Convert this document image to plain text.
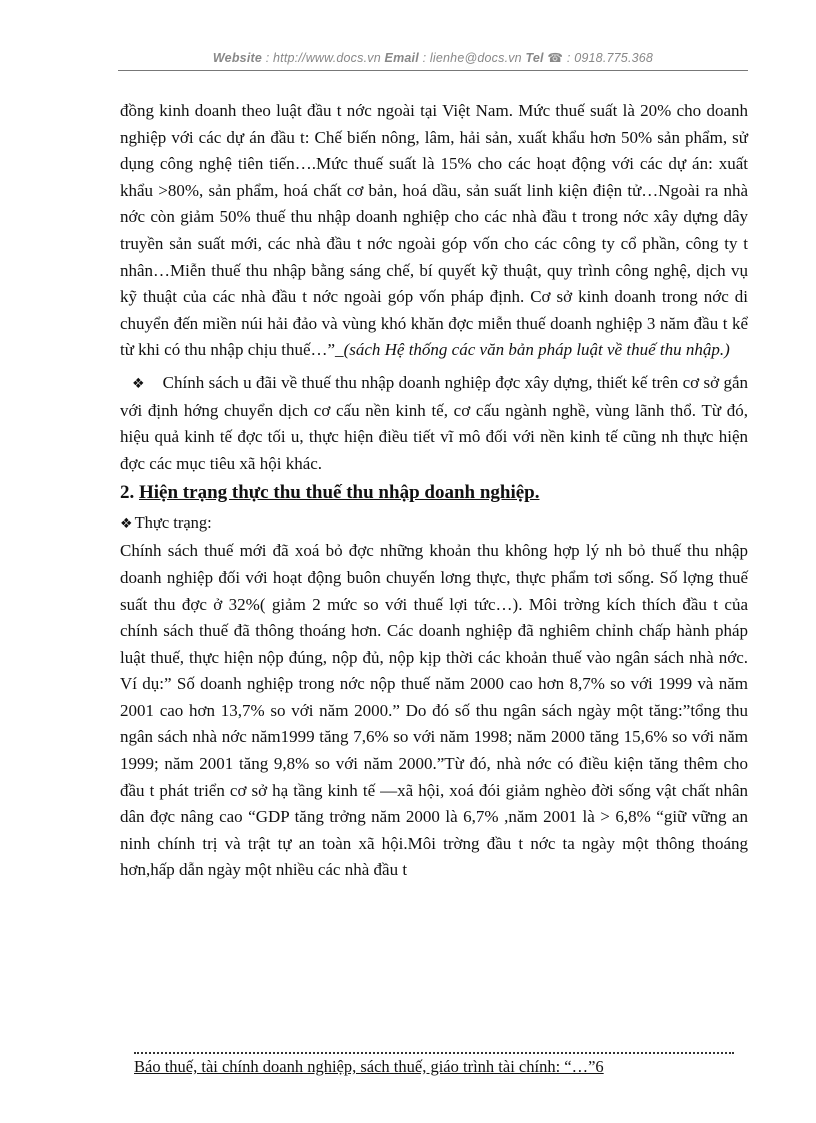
Website : http://www.docs.vn Email : lienhe@docs.vn Tel ☎ : 0918.775.368

đồng kinh doanh theo luật đầu t nớc ngoài tại Việt Nam. Mức thuế suất là 20% cho doanh nghiệp với các dự án đầu t: Chế biến nông, lâm, hải sản, xuất khẩu hơn 50% sản phẩm, sử dụng công nghệ tiên tiến….Mức thuế suất là 15% cho các hoạt động với các dự án: xuất khẩu >80%, sản phẩm, hoá chất cơ bản, hoá dầu, sản suất linh kiện điện tử…Ngoài ra nhà nớc còn giảm 50% thuế thu nhập doanh nghiệp cho các nhà đầu t trong nớc xây dựng dây truyền sản suất mới, các nhà đầu t nớc ngoài góp vốn cho các công ty cổ phần, công ty t nhân…Miễn thuế thu nhập bằng sáng chế, bí quyết kỹ thuật, quy trình công nghệ, dịch vụ kỹ thuật của các nhà đầu t nớc ngoài góp vốn pháp định. Cơ sở kinh doanh trong nớc di chuyển đến miền núi hải đảo và vùng khó khăn đợc miễn thuế doanh nghiệp 3 năm đầu t kể từ khi có thu nhập chịu thuế…”_(sách Hệ thống các văn bản pháp luật về thuế thu nhập.)

❖ Chính sách u đãi về thuế thu nhập doanh nghiệp đợc xây dựng, thiết kế trên cơ sở gắn với định hớng chuyển dịch cơ cấu nền kinh tế, cơ cấu ngành nghề, vùng lãnh thổ. Từ đó, hiệu quả kinh tế đợc tối u, thực hiện điều tiết vĩ mô đối với nền kinh tế cũng nh thực hiện đợc các mục tiêu xã hội khác.

2. Hiện trạng thực thu thuế thu nhập doanh nghiệp.
❖ Thực trạng:

Chính sách thuế mới đã xoá bỏ đợc những khoản thu không hợp lý nh bỏ thuế thu nhập doanh nghiệp đối với hoạt động buôn chuyến lơng thực, thực phẩm tơi sống. Số lợng thuế suất thu đợc ở 32%( giảm 2 mức so với thuế lợi tức…). Môi trờng kích thích đầu t của chính sách thuế đã thông thoáng hơn. Các doanh nghiệp đã nghiêm chỉnh chấp hành pháp luật thuế, thực hiện nộp đúng, nộp đủ, nộp kịp thời các khoản thuế vào ngân sách nhà nớc. Ví dụ:” Số doanh nghiệp trong nớc nộp thuế năm 2000 cao hơn 8,7% so với 1999 và năm 2001 cao hơn 13,7% so với năm 2000.” Do đó số thu ngân sách ngày một tăng:”tổng thu ngân sách nhà nớc năm1999 tăng 7,6% so với năm 1998; năm 2000 tăng 15,6% so với năm 1999; năm 2001 tăng 9,8% so với năm 2000.”Từ đó, nhà nớc có điều kiện tăng thêm cho đầu t phát triển cơ sở hạ tầng kinh tế —xã hội, xoá đói giảm nghèo đời sống vật chất nhân dân đợc nâng cao “GDP tăng trởng năm 2000 là 6,7% ,năm 2001 là > 6,8% “giữ vững an ninh chính trị và trật tự an toàn xã hội.Môi trờng đầu t nớc ta ngày một thông thoáng hơn,hấp dẫn ngày một nhiều các nhà đầu t

Báo thuế, tài chính doanh nghiệp, sách thuế, giáo trình tài chính: “…”6
